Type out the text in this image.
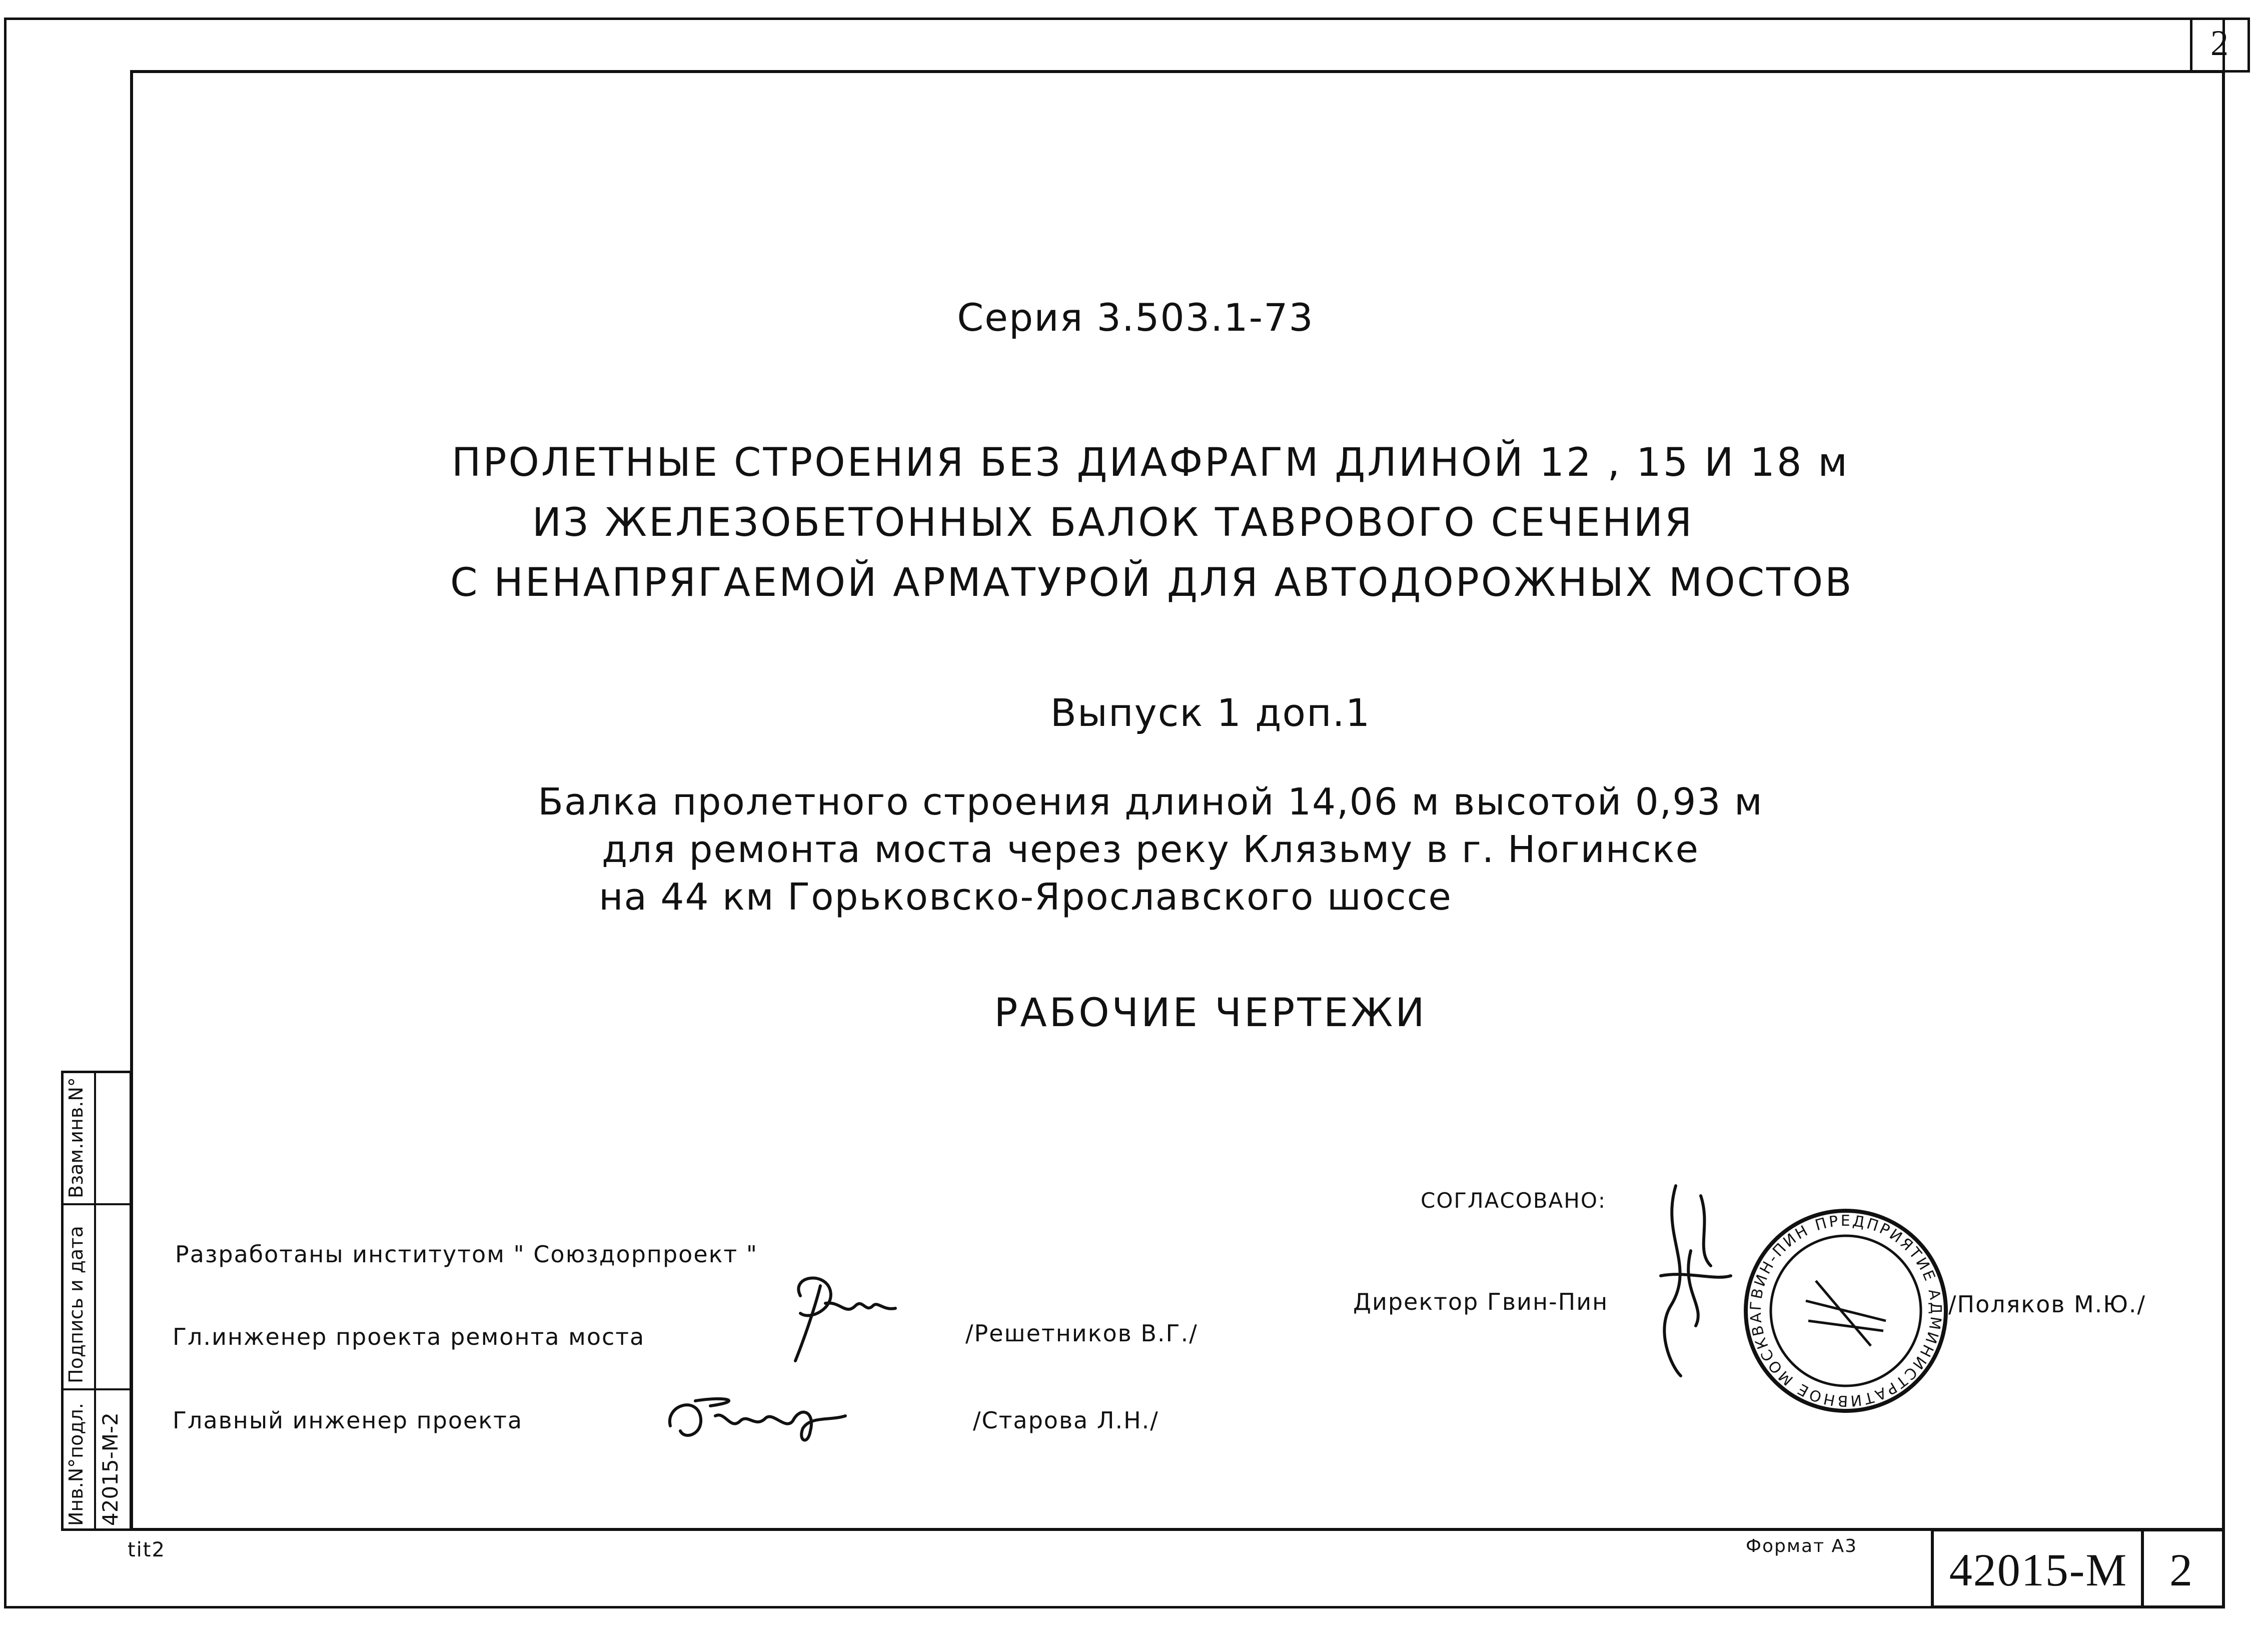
2
Взам.инв.N°
Подпись и дата
Инв.N°подл. 42015-М-2
Серия 3.503.1-73
ПРОЛЕТНЫЕ СТРОЕНИЯ БЕЗ ДИАФРАГМ ДЛИНОЙ 12 , 15 И 18 м
ИЗ ЖЕЛЕЗОБЕТОННЫХ БАЛОК ТАВРОВОГО СЕЧЕНИЯ
С НЕНАПРЯГАЕМОЙ АРМАТУРОЙ ДЛЯ АВТОДОРОЖНЫХ МОСТОВ
Выпуск 1 доп.1
Балка пролетного строения длиной 14,06 м высотой 0,93 м
для ремонта моста через реку Клязьму в г. Ногинске
на 44 км Горьковско-Ярославского шоссе
РАБОЧИЕ ЧЕРТЕЖИ
Разработаны институтом " Союздорпроект "
Гл.инженер проекта ремонта моста	/Решетников В.Г./
Главный инженер проекта	/Старова Л.Н./
СОГЛАСОВАНО:
Директор Гвин-Пин	/Поляков М.Ю./
ГВИН-ПИН ПРЕДПРИЯТИЕ АДМИНИСТРАТИВНОЕ МОСКВА
tit2	Формат А3 42015-М 2
